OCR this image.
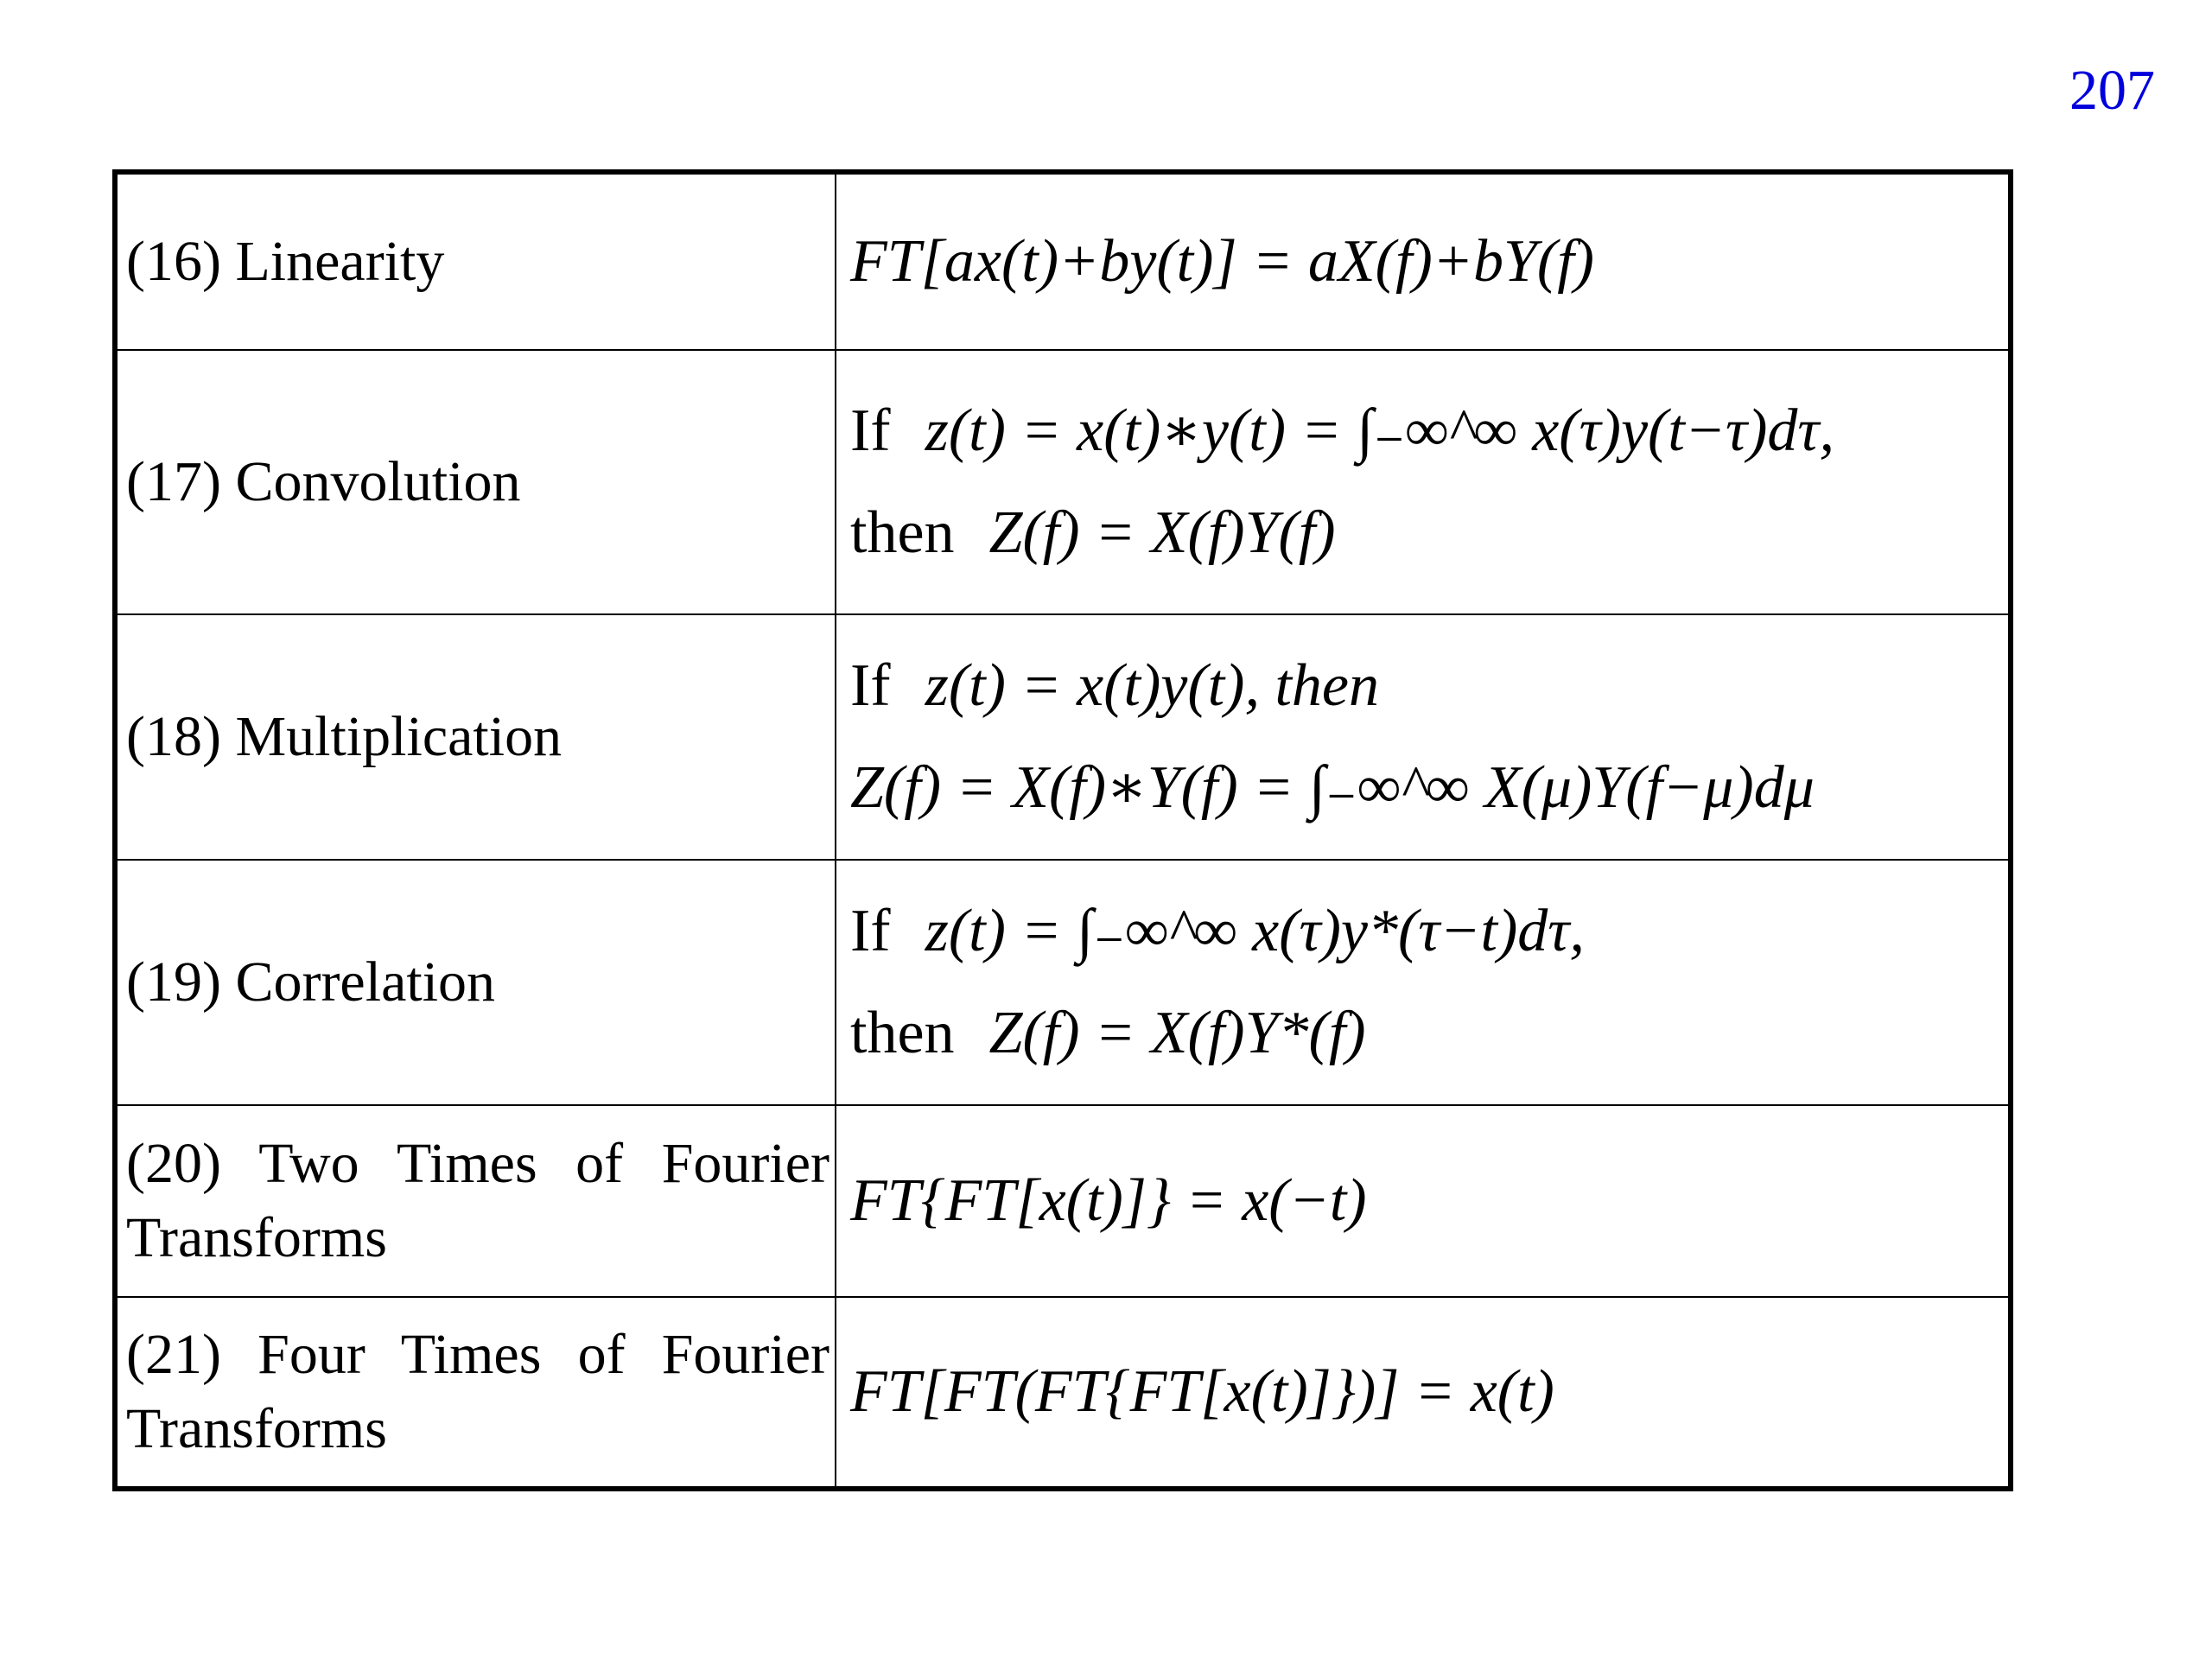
207
(16) Linearity	FT[ax(t)+by(t)] = aX(f)+bY(f)
(17) Convolution
If z(t) = x(t)∗y(t) = ∫₋∞^∞ x(τ)y(t−τ)dτ,
then Z(f) = X(f)Y(f)
(18) Multiplication
If z(t) = x(t)y(t), then
Z(f) = X(f)∗Y(f) = ∫₋∞^∞ X(μ)Y(f−μ)dμ
(19) Correlation
If z(t) = ∫₋∞^∞ x(τ)y*(τ−t)dτ,
then Z(f) = X(f)Y*(f)
(20) Two Times of Fourier
Transforms
FT{FT[x(t)]} = x(−t)
(21) Four Times of Fourier
Transforms
FT[FT(FT{FT[x(t)]})] = x(t)
